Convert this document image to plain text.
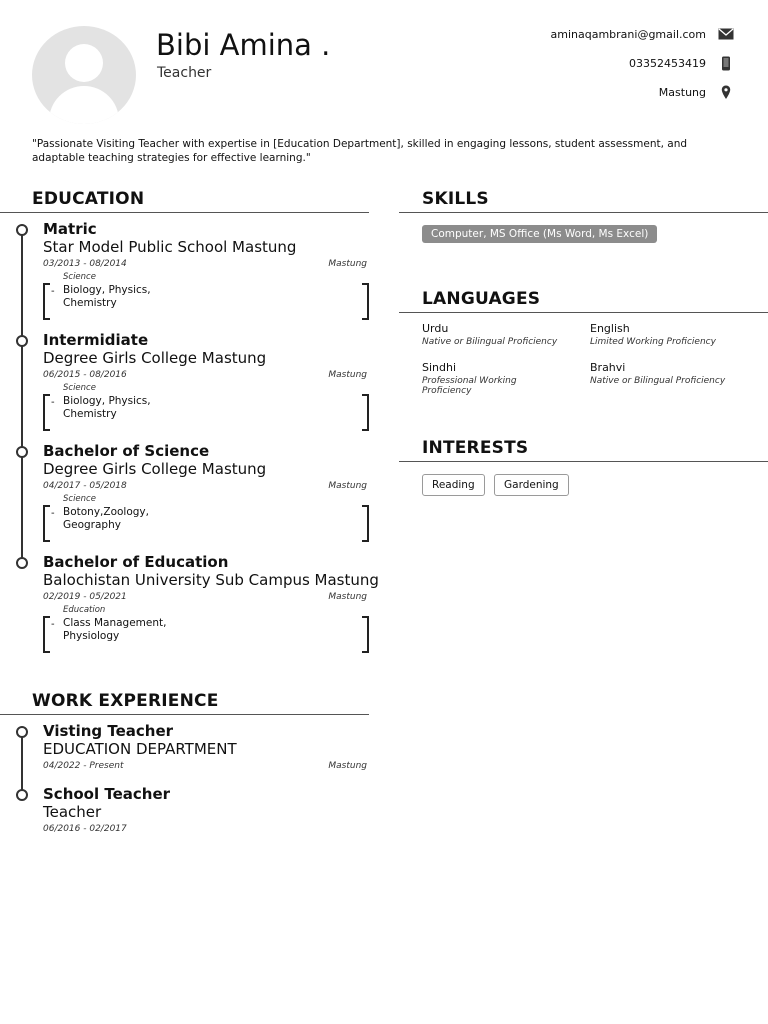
Bibi Amina .
Teacher
aminaqambrani@gmail.com
03352453419
Mastung
"Passionate Visiting Teacher with expertise in [Education Department], skilled in engaging lessons, student assessment, and adaptable teaching strategies for effective learning."
EDUCATION
Matric
Star Model Public School Mastung
03/2013 - 08/2014	Mastung
Science
- Biology, Physics, Chemistry
Intermidiate
Degree Girls College Mastung
06/2015 - 08/2016	Mastung
Science
- Biology, Physics, Chemistry
Bachelor of Science
Degree Girls College Mastung
04/2017 - 05/2018	Mastung
Science
- Botony,Zoology, Geography
Bachelor of Education
Balochistan University Sub Campus Mastung
02/2019 - 05/2021	Mastung
Education
- Class Management, Physiology
WORK EXPERIENCE
Visting Teacher
EDUCATION DEPARTMENT
04/2022 - Present	Mastung
School Teacher
Teacher
06/2016 - 02/2017
SKILLS
Computer, MS Office (Ms Word, Ms Excel)
LANGUAGES
Urdu
Native or Bilingual Proficiency
English
Limited Working Proficiency
Sindhi
Professional Working Proficiency
Brahvi
Native or Bilingual Proficiency
INTERESTS
Reading	Gardening
